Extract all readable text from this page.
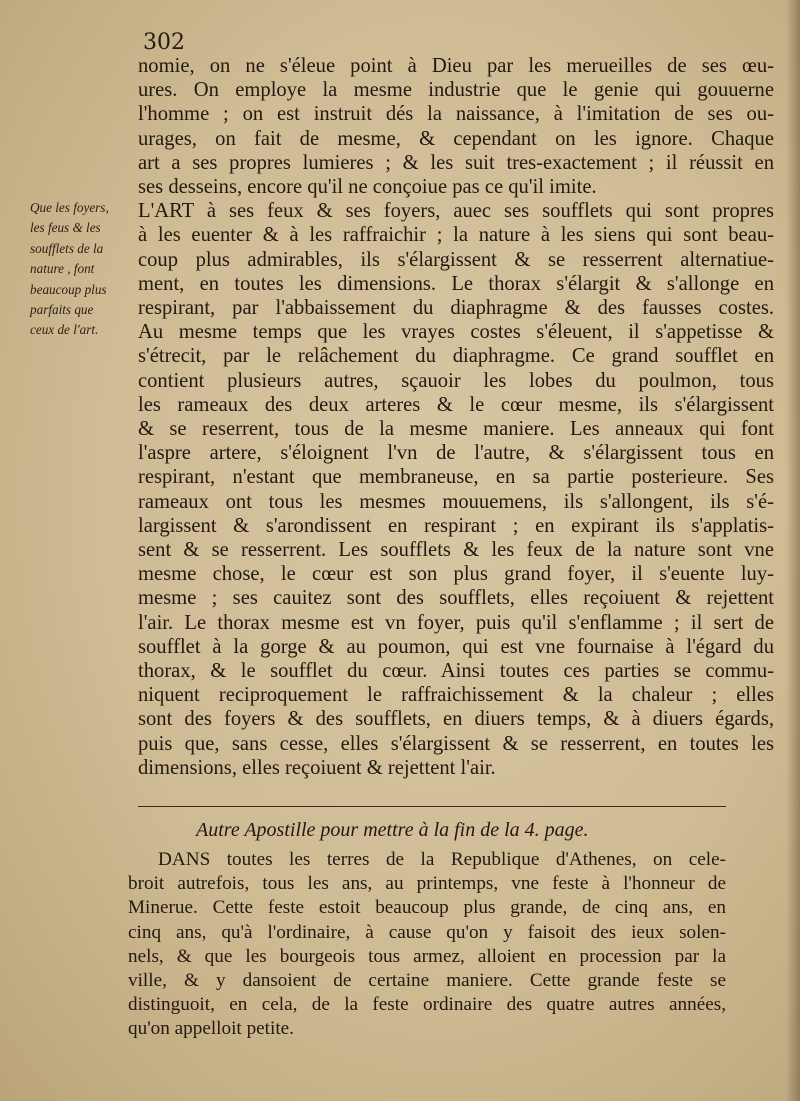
302
Que les foyers,
les feus & les
soufflets de la
nature , font
beaucoup plus
parfaits que
ceux de l'art.
nomie, on ne s'éleue point à Dieu par les merueilles de ses œu-
ures. On employe la mesme industrie que le genie qui gouuerne
l'homme ; on est instruit dés la naissance, à l'imitation de ses ou-
urages, on fait de mesme, & cependant on les ignore. Chaque
art a ses propres lumieres ; & les suit tres-exactement ; il réussit en
ses desseins, encore qu'il ne conçoiue pas ce qu'il imite.
L'ART à ses feux & ses foyers, auec ses soufflets qui sont propres
à les euenter & à les raffraichir ; la nature à les siens qui sont beau-
coup plus admirables, ils s'élargissent & se resserrent alternatiue-
ment, en toutes les dimensions. Le thorax s'élargit & s'allonge en
respirant, par l'abbaissement du diaphragme & des fausses costes.
Au mesme temps que les vrayes costes s'éleuent, il s'appetisse &
s'étrecit, par le relâchement du diaphragme. Ce grand soufflet en
contient plusieurs autres, sçauoir les lobes du poulmon, tous
les rameaux des deux arteres & le cœur mesme, ils s'élargissent
& se reserrent, tous de la mesme maniere. Les anneaux qui font
l'aspre artere, s'éloignent l'vn de l'autre, & s'élargissent tous en
respirant, n'estant que membraneuse, en sa partie posterieure. Ses
rameaux ont tous les mesmes mouuemens, ils s'allongent, ils s'é-
largissent & s'arondissent en respirant ; en expirant ils s'applatis-
sent & se resserrent. Les soufflets & les feux de la nature sont vne
mesme chose, le cœur est son plus grand foyer, il s'euente luy-
mesme ; ses cauitez sont des soufflets, elles reçoiuent & rejettent
l'air. Le thorax mesme est vn foyer, puis qu'il s'enflamme ; il sert de
soufflet à la gorge & au poumon, qui est vne fournaise à l'égard du
thorax, & le soufflet du cœur. Ainsi toutes ces parties se commu-
niquent reciproquement le raffraichissement & la chaleur ; elles
sont des foyers & des soufflets, en diuers temps, & à diuers égards,
puis que, sans cesse, elles s'élargissent & se resserrent, en toutes les
dimensions, elles reçoiuent & rejettent l'air.
Autre Apostille pour mettre à la fin de la 4. page.
DANS toutes les terres de la Republique d'Athenes, on cele-
broit autrefois, tous les ans, au printemps, vne feste à l'honneur de
Minerue. Cette feste estoit beaucoup plus grande, de cinq ans, en
cinq ans, qu'à l'ordinaire, à cause qu'on y faisoit des ieux solen-
nels, & que les bourgeois tous armez, alloient en procession par la
ville, & y dansoient de certaine maniere. Cette grande feste se
distinguoit, en cela, de la feste ordinaire des quatre autres années,
qu'on appelloit petite.
